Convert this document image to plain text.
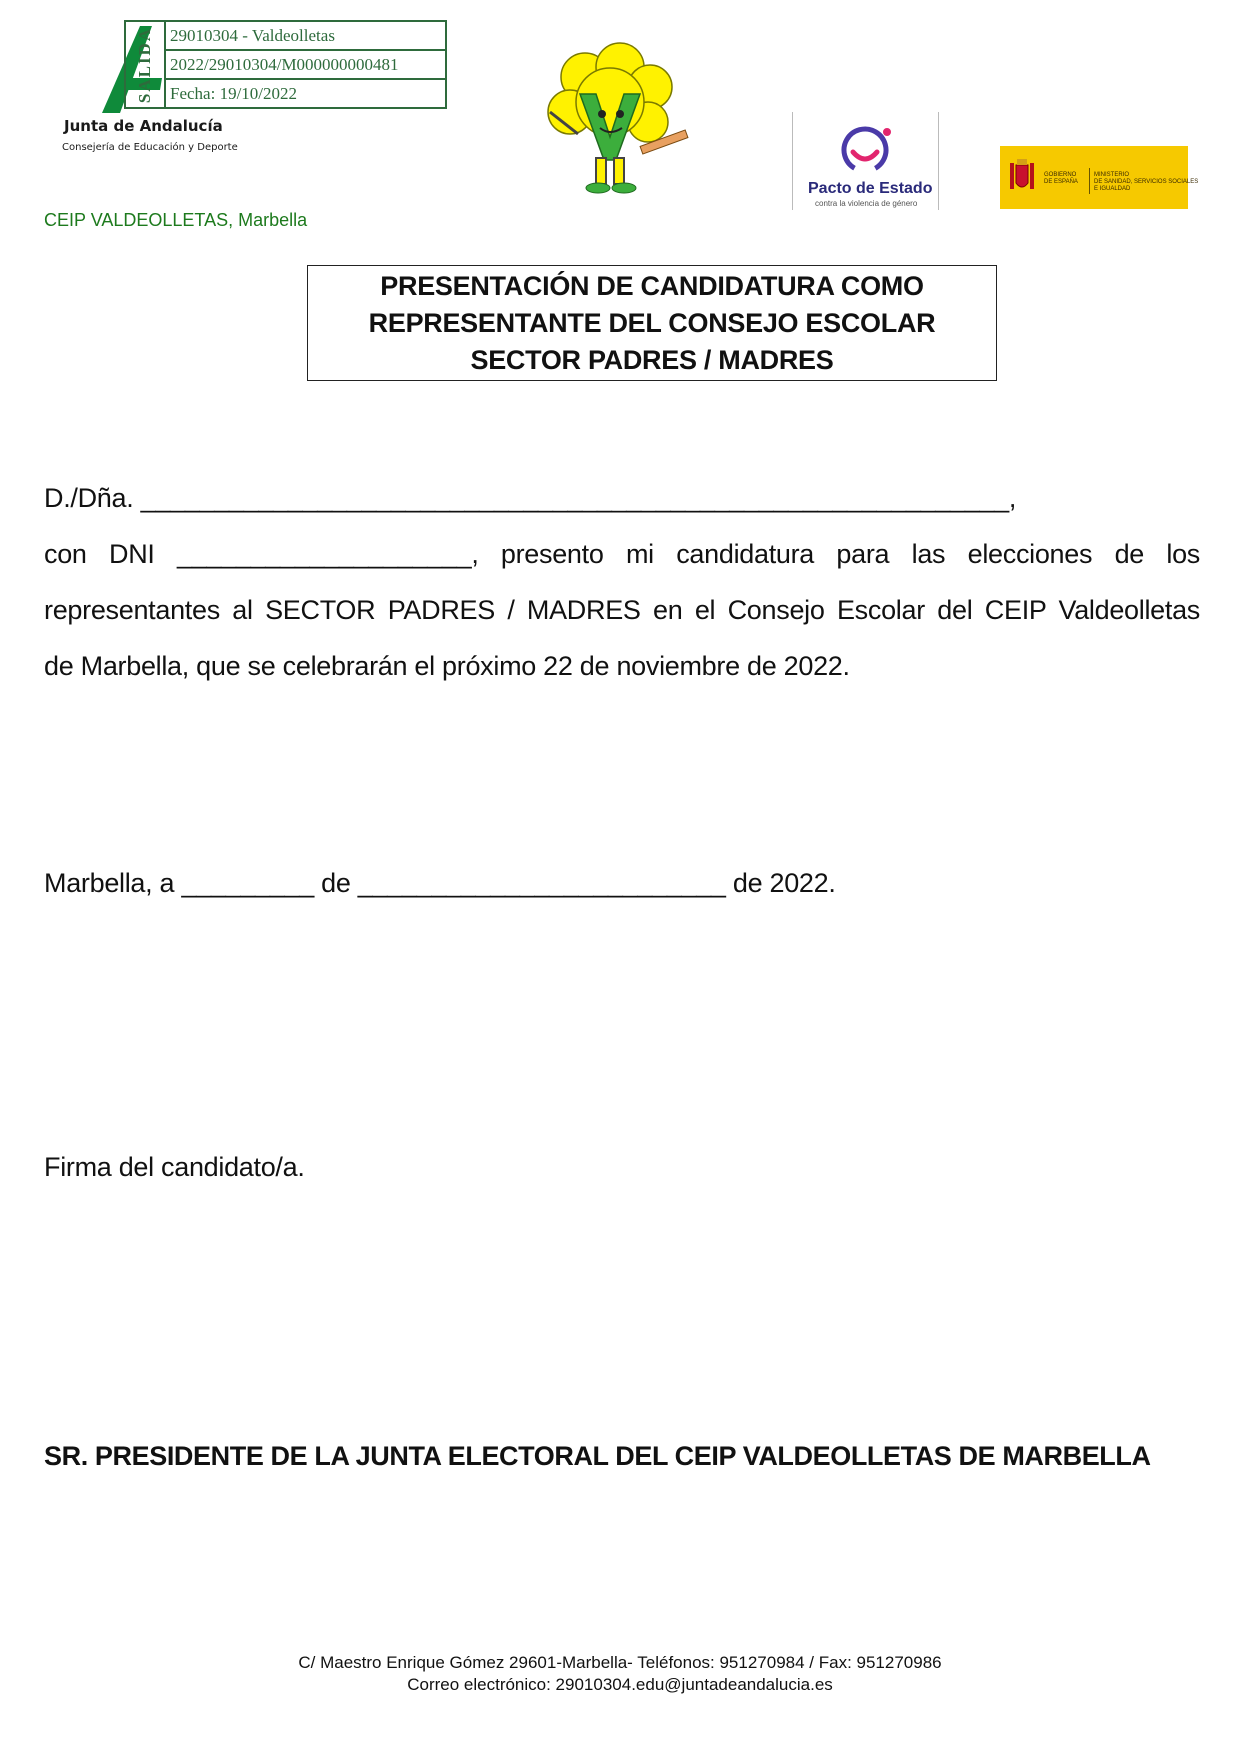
Junta de Andalucía
Consejería de Educación y Deporte
SALIDA 29010304 - Valdeolletas
2022/29010304/M000000000481
Fecha: 19/10/2022
Pacto de Estado
contra la violencia de género
GOBIERNO
DE ESPAÑA
MINISTERIO
DE SANIDAD, SERVICIOS SOCIALES
E IGUALDAD
CEIP VALDEOLLETAS, Marbella
PRESENTACIÓN DE CANDIDATURA COMO
REPRESENTANTE DEL CONSEJO ESCOLAR
SECTOR PADRES / MADRES
D./Dña. ___________________________________________________________,
con DNI ____________________, presento mi candidatura para las elecciones de los
representantes al SECTOR PADRES / MADRES en el Consejo Escolar del CEIP Valdeolletas
de Marbella, que se celebrarán el próximo 22 de noviembre de 2022.
Marbella, a _________ de _________________________ de 2022.
Firma del candidato/a.
SR. PRESIDENTE DE LA JUNTA ELECTORAL DEL CEIP VALDEOLLETAS DE MARBELLA
C/ Maestro Enrique Gómez 29601-Marbella- Teléfonos: 951270984 / Fax: 951270986
Correo electrónico: 29010304.edu@juntadeandalucia.es
